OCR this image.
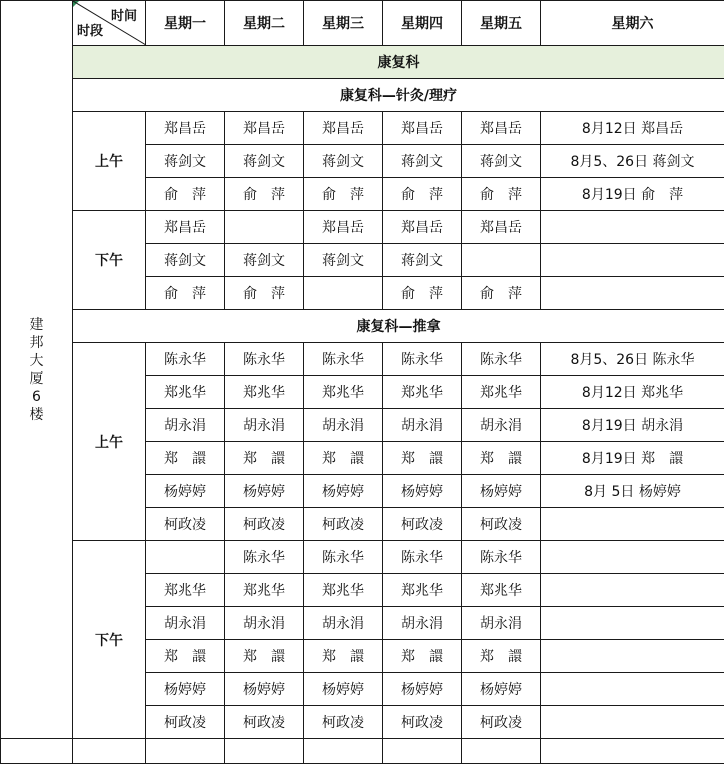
建邦大厦6楼	时间
时段	星期一	星期二	星期三	星期四	星期五	星期六
	康复科						
	康复科—针灸/理疗						
	上午	郑昌岳	郑昌岳	郑昌岳	郑昌岳	郑昌岳	8月12日 郑昌岳
		蒋剑文	蒋剑文	蒋剑文	蒋剑文	蒋剑文	8月5、26日 蒋剑文
		俞　萍	俞　萍	俞　萍	俞　萍	俞　萍	8月19日 俞　萍
	下午	郑昌岳		郑昌岳	郑昌岳	郑昌岳	
		蒋剑文	蒋剑文	蒋剑文	蒋剑文		
		俞　萍	俞　萍		俞　萍	俞　萍	
	康复科—推拿						
	上午	陈永华	陈永华	陈永华	陈永华	陈永华	8月5、26日 陈永华
		郑兆华	郑兆华	郑兆华	郑兆华	郑兆华	8月12日 郑兆华
		胡永涓	胡永涓	胡永涓	胡永涓	胡永涓	8月19日 胡永涓
		郑　譞	郑　譞	郑　譞	郑　譞	郑　譞	8月19日 郑　譞
		杨婷婷	杨婷婷	杨婷婷	杨婷婷	杨婷婷	8月 5日 杨婷婷
		柯政凌	柯政凌	柯政凌	柯政凌	柯政凌	
	下午		陈永华	陈永华	陈永华	陈永华	
		郑兆华	郑兆华	郑兆华	郑兆华	郑兆华	
		胡永涓	胡永涓	胡永涓	胡永涓	胡永涓	
		郑　譞	郑　譞	郑　譞	郑　譞	郑　譞	
		杨婷婷	杨婷婷	杨婷婷	杨婷婷	杨婷婷	
		柯政凌	柯政凌	柯政凌	柯政凌	柯政凌	
